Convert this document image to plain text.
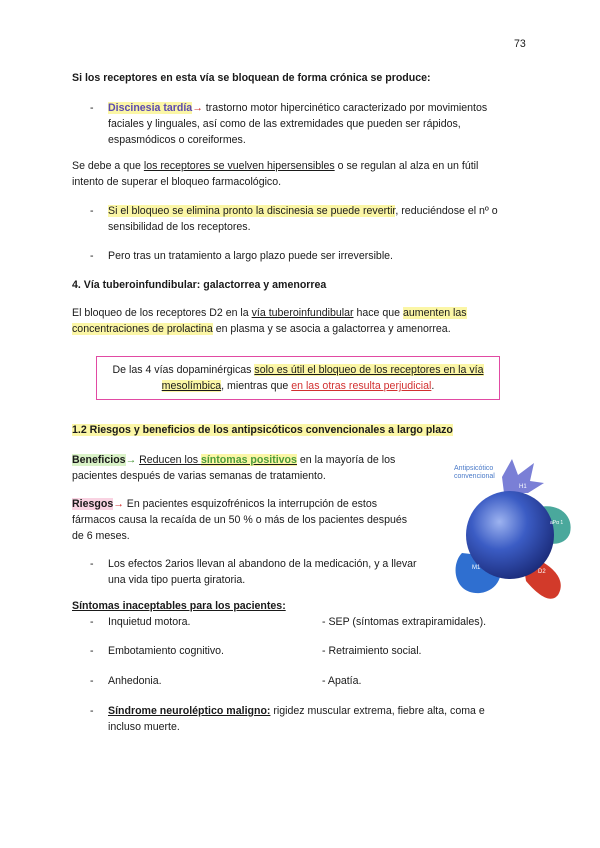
73
Si los receptores en esta vía se bloquean de forma crónica se produce:
- Discinesia tardía→ trastorno motor hipercinético caracterizado por movimientos
faciales y linguales, así como de las extremidades que pueden ser rápidos,
espasmódicos o coreiformes.
Se debe a que los receptores se vuelven hipersensibles o se regulan al alza en un fútil
intento de superar el bloqueo farmacológico.
- Si el bloqueo se elimina pronto la discinesia se puede revertir, reduciéndose el nº o
sensibilidad de los receptores.
- Pero tras un tratamiento a largo plazo puede ser irreversible.
4. Vía tuberoinfundibular: galactorrea y amenorrea
El bloqueo de los receptores D2 en la vía tuberoinfundibular hace que aumenten las
concentraciones de prolactina en plasma y se asocia a galactorrea y amenorrea.
De las 4 vías dopaminérgicas solo es útil el bloqueo de los receptores en la vía
mesolímbica, mientras que en las otras resulta perjudicial.
1.2 Riesgos y beneficios de los antipsicóticos convencionales a largo plazo
Beneficios→ Reducen los síntomas positivos en la mayoría de los
pacientes después de varias semanas de tratamiento.
Riesgos→ En pacientes esquizofrénicos la interrupción de estos
fármacos causa la recaída de un 50 % o más de los pacientes después
de 6 meses.
- Los efectos 2arios llevan al abandono de la medicación, y a llevar
una vida tipo puerta giratoria.
Antipsicótico
convencional
M1
aPα 1
H1
D2
Síntomas inaceptables para los pacientes:
- Inquietud motora.	- SEP (síntomas extrapiramidales).
- Embotamiento cognitivo.	- Retraimiento social.
- Anhedonia.	- Apatía.
- Síndrome neuroléptico maligno: rigidez muscular extrema, fiebre alta, coma e
incluso muerte.
